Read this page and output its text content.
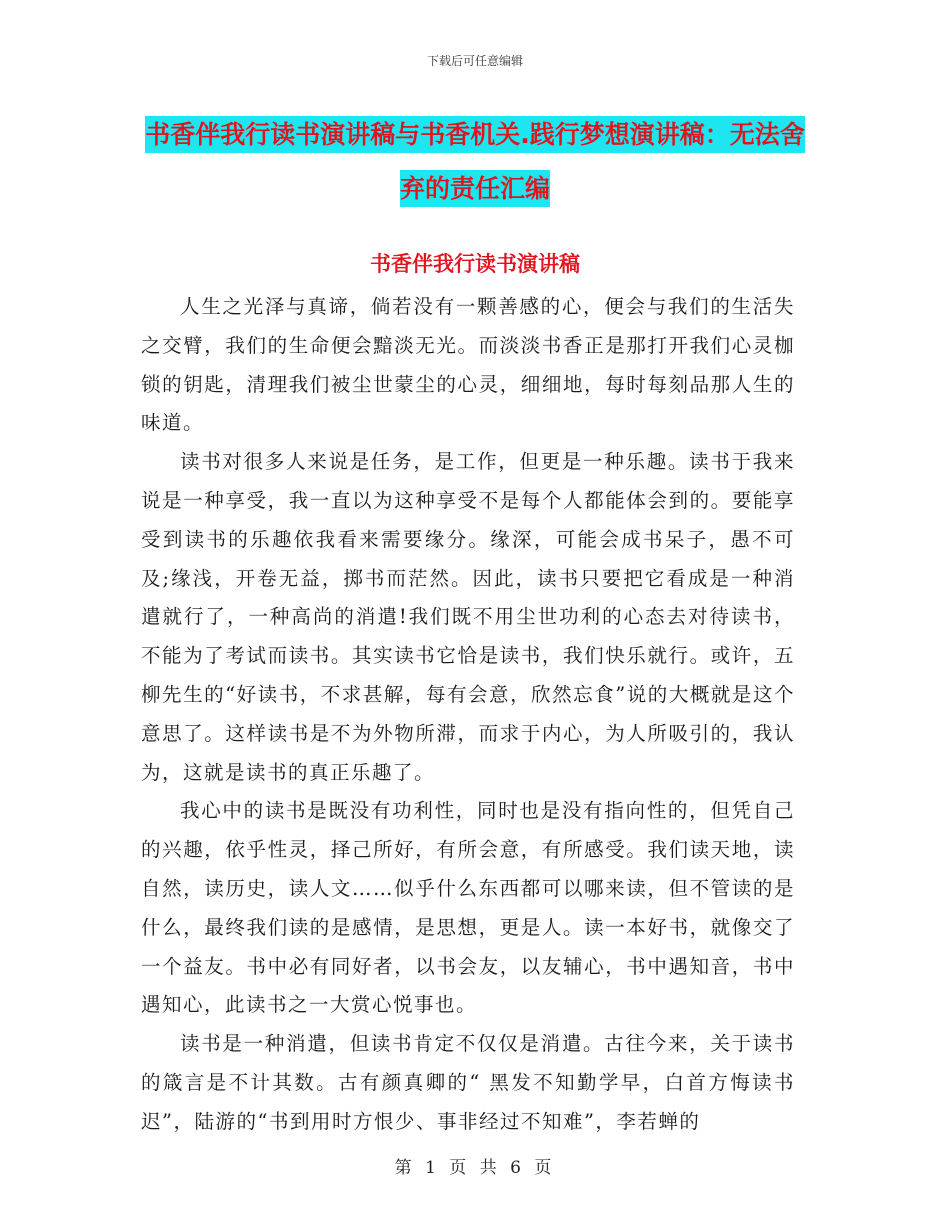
下载后可任意编辑
书香伴我行读书演讲稿与书香机关.践行梦想演讲稿：无法舍弃的责任汇编
书香伴我行读书演讲稿

人生之光泽与真谛，倘若没有一颗善感的心，便会与我们的生活失之交臂，我们的生命便会黯淡无光。而淡淡书香正是那打开我们心灵枷锁的钥匙，清理我们被尘世蒙尘的心灵，细细地，每时每刻品那人生的味道。

读书对很多人来说是任务，是工作，但更是一种乐趣。读书于我来说是一种享受，我一直以为这种享受不是每个人都能体会到的。要能享受到读书的乐趣依我看来需要缘分。缘深，可能会成书呆子，愚不可及;缘浅，开卷无益，掷书而茫然。因此，读书只要把它看成是一种消遣就行了，一种高尚的消遣!我们既不用尘世功利的心态去对待读书，不能为了考试而读书。其实读书它恰是读书，我们快乐就行。或许，五柳先生的“好读书，不求甚解，每有会意，欣然忘食”说的大概就是这个意思了。这样读书是不为外物所滞，而求于内心，为人所吸引的，我认为，这就是读书的真正乐趣了。

我心中的读书是既没有功利性，同时也是没有指向性的，但凭自己的兴趣，依乎性灵，择己所好，有所会意，有所感受。我们读天地，读自然，读历史，读人文……似乎什么东西都可以哪来读，但不管读的是什么，最终我们读的是感情，是思想，更是人。读一本好书，就像交了一个益友。书中必有同好者，以书会友，以友辅心，书中遇知音，书中遇知心，此读书之一大赏心悦事也。

读书是一种消遣，但读书肯定不仅仅是消遣。古往今来，关于读书的箴言是不计其数。古有颜真卿的“ 黑发不知勤学早，白首方悔读书迟”，陆游的“书到用时方恨少、事非经过不知难”，李若蝉的

第 1 页 共 6 页
